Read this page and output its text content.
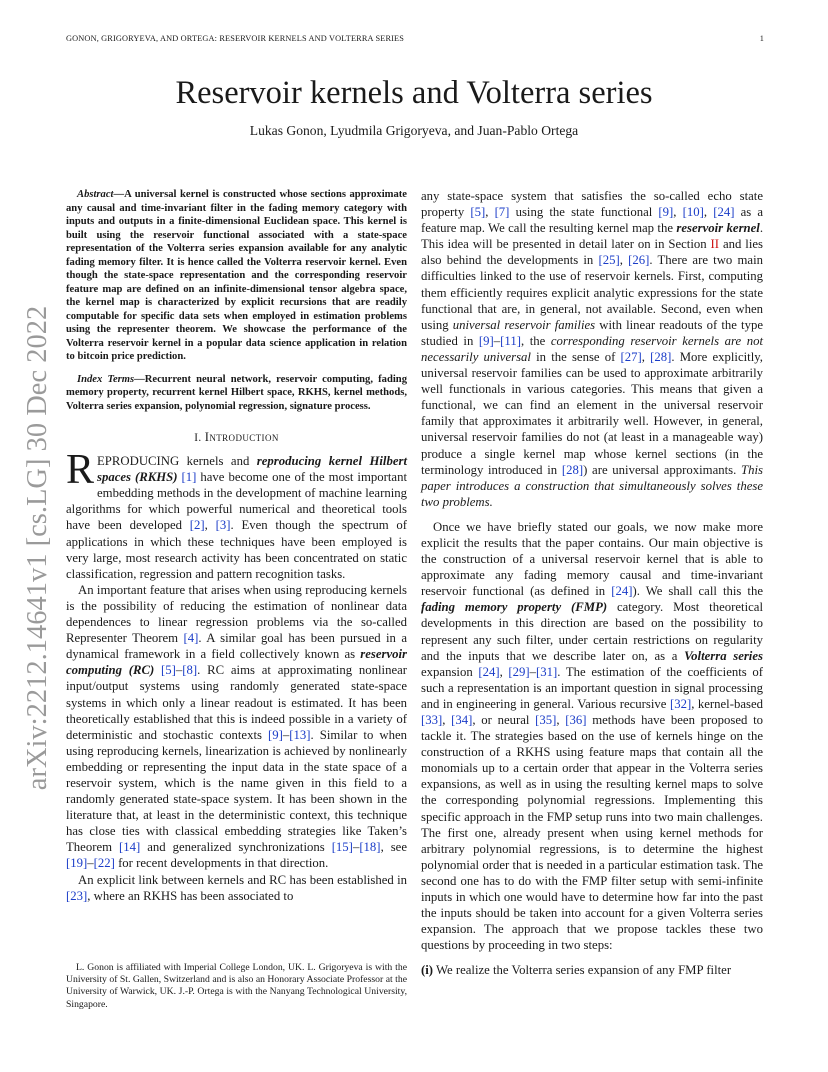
GONON, GRIGORYEVA, AND ORTEGA: RESERVOIR KERNELS AND VOLTERRA SERIES	1
arXiv:2212.14641v1 [cs.LG] 30 Dec 2022
Reservoir kernels and Volterra series
Lukas Gonon, Lyudmila Grigoryeva, and Juan-Pablo Ortega

Abstract—A universal kernel is constructed whose sections approximate any causal and time-invariant filter in the fading memory category with inputs and outputs in a finite-dimensional Euclidean space. This kernel is built using the reservoir functional associated with a state-space representation of the Volterra series expansion available for any analytic fading memory filter. It is hence called the Volterra reservoir kernel. Even though the state-space representation and the corresponding reservoir feature map are defined on an infinite-dimensional tensor algebra space, the kernel map is characterized by explicit recursions that are readily computable for specific data sets when employed in estimation problems using the representer theorem. We showcase the performance of the Volterra reservoir kernel in a popular data science application in relation to bitcoin price prediction.

Index Terms—Recurrent neural network, reservoir computing, fading memory property, recurrent kernel Hilbert space, RKHS, kernel methods, Volterra series expansion, polynomial regression, signature process.

I. Introduction

REPRODUCING kernels and reproducing kernel Hilbert spaces (RKHS) [1] have become one of the most important embedding methods in the development of machine learning algorithms for which powerful numerical and theoretical tools have been developed [2], [3]. Even though the spectrum of applications in which these techniques have been employed is very large, most research activity has been concentrated on static classification, regression and pattern recognition tasks.

An important feature that arises when using reproducing kernels is the possibility of reducing the estimation of nonlinear data dependences to linear regression problems via the so-called Representer Theorem [4]. A similar goal has been pursued in a dynamical framework in a field collectively known as reservoir computing (RC) [5]–[8]. RC aims at approximating nonlinear input/output systems using randomly generated state-space systems in which only a linear readout is estimated. It has been theoretically established that this is indeed possible in a variety of deterministic and stochastic contexts [9]–[13]. Similar to when using reproducing kernels, linearization is achieved by nonlinearly embedding or representing the input data in the state space of a reservoir system, which is the name given in this field to a randomly generated state-space system. It has been shown in the literature that, at least in the deterministic context, this technique has close ties with classical embedding strategies like Taken’s Theorem [14] and generalized synchronizations [15]–[18], see [19]–[22] for recent developments in that direction.

An explicit link between kernels and RC has been established in [23], where an RKHS has been associated to

L. Gonon is affiliated with Imperial College London, UK. L. Grigoryeva is with the University of St. Gallen, Switzerland and is also an Honorary Associate Professor at the University of Warwick, UK. J.-P. Ortega is with the Nanyang Technological University, Singapore.

any state-space system that satisfies the so-called echo state property [5], [7] using the state functional [9], [10], [24] as a feature map. We call the resulting kernel map the reservoir kernel. This idea will be presented in detail later on in Section II and lies also behind the developments in [25], [26]. There are two main difficulties linked to the use of reservoir kernels. First, computing them efficiently requires explicit analytic expressions for the state functional that are, in general, not available. Second, even when using universal reservoir families with linear readouts of the type studied in [9]–[11], the corresponding reservoir kernels are not necessarily universal in the sense of [27], [28]. More explicitly, universal reservoir families can be used to approximate arbitrarily well functionals in various categories. This means that given a functional, we can find an element in the universal reservoir family that approximates it arbitrarily well. However, in general, universal reservoir families do not (at least in a manageable way) produce a single kernel map whose kernel sections (in the terminology introduced in [28]) are universal approximants. This paper introduces a construction that simultaneously solves these two problems.

Once we have briefly stated our goals, we now make more explicit the results that the paper contains. Our main objective is the construction of a universal reservoir kernel that is able to approximate any fading memory causal and time-invariant reservoir functional (as defined in [24]). We shall call this the fading memory property (FMP) category. Most theoretical developments in this direction are based on the possibility to represent any such filter, under certain restrictions on regularity and the inputs that we describe later on, as a Volterra series expansion [24], [29]–[31]. The estimation of the coefficients of such a representation is an important question in signal processing and in engineering in general. Various recursive [32], kernel-based [33], [34], or neural [35], [36] methods have been proposed to tackle it. The strategies based on the use of kernels hinge on the construction of a RKHS using feature maps that contain all the monomials up to a certain order that appear in the Volterra series expansions, as well as in using the resulting kernel maps to solve the corresponding polynomial regressions. Implementing this specific approach in the FMP setup runs into two main challenges. The first one, already present when using kernel methods for arbitrary polynomial regressions, is to determine the highest polynomial order that is needed in a particular estimation task. The second one has to do with the FMP filter setup with semi-infinite inputs in which one would have to determine how far into the past the inputs should be taken into account for a given Volterra series expansion. The approach that we propose tackles these two questions by proceeding in two steps:

(i) We realize the Volterra series expansion of any FMP filter
